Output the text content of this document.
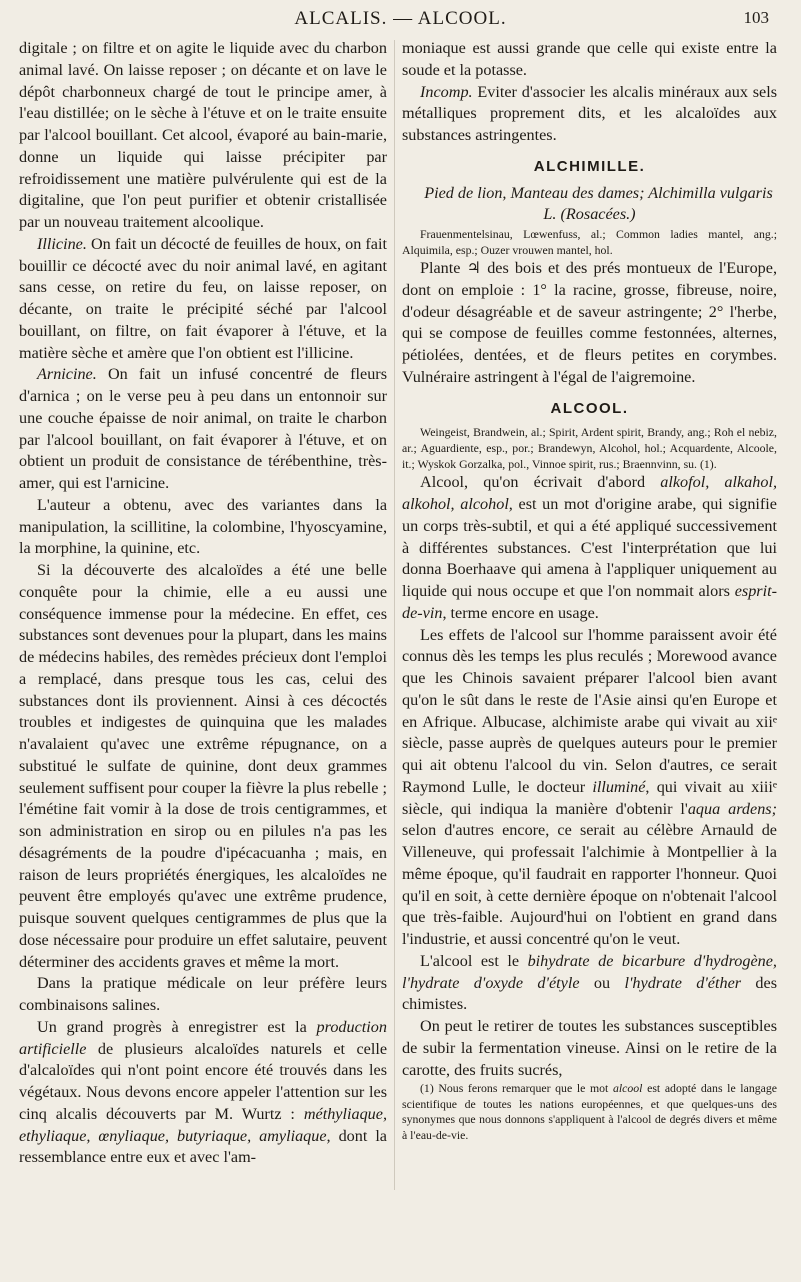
ALCALIS. — ALCOOL.	103

digitale ; on filtre et on agite le liquide avec du charbon animal lavé. On laisse reposer ; on décante et on lave le dépôt charbonneux chargé de tout le principe amer, à l'eau distillée; on le sèche à l'étuve et on le traite ensuite par l'alcool bouillant. Cet alcool, évaporé au bain-marie, donne un liquide qui laisse précipiter par refroidissement une matière pulvérulente qui est de la digitaline, que l'on peut purifier et obtenir cristallisée par un nouveau traitement alcoolique.

Illicine. On fait un décocté de feuilles de houx, on fait bouillir ce décocté avec du noir animal lavé, en agitant sans cesse, on retire du feu, on laisse reposer, on décante, on traite le précipité séché par l'alcool bouillant, on filtre, on fait évaporer à l'étuve, et la matière sèche et amère que l'on obtient est l'illicine.

Arnicine. On fait un infusé concentré de fleurs d'arnica ; on le verse peu à peu dans un entonnoir sur une couche épaisse de noir animal, on traite le charbon par l'alcool bouillant, on fait évaporer à l'étuve, et on obtient un produit de consistance de térébenthine, très-amer, qui est l'arnicine.

L'auteur a obtenu, avec des variantes dans la manipulation, la scillitine, la colombine, l'hyoscyamine, la morphine, la quinine, etc.

Si la découverte des alcaloïdes a été une belle conquête pour la chimie, elle a eu aussi une conséquence immense pour la médecine. En effet, ces substances sont devenues pour la plupart, dans les mains de médecins habiles, des remèdes précieux dont l'emploi a remplacé, dans presque tous les cas, celui des substances dont ils proviennent. Ainsi à ces décoctés troubles et indigestes de quinquina que les malades n'avalaient qu'avec une extrême répugnance, on a substitué le sulfate de quinine, dont deux grammes seulement suffisent pour couper la fièvre la plus rebelle ; l'émétine fait vomir à la dose de trois centigrammes, et son administration en sirop ou en pilules n'a pas les désagréments de la poudre d'ipécacuanha ; mais, en raison de leurs propriétés énergiques, les alcaloïdes ne peuvent être employés qu'avec une extrême prudence, puisque souvent quelques centigrammes de plus que la dose nécessaire pour produire un effet salutaire, peuvent déterminer des accidents graves et même la mort.

Dans la pratique médicale on leur préfère leurs combinaisons salines.

Un grand progrès à enregistrer est la production artificielle de plusieurs alcaloïdes naturels et celle d'alcaloïdes qui n'ont point encore été trouvés dans les végétaux. Nous devons encore appeler l'attention sur les cinq alcalis découverts par M. Wurtz : méthyliaque, ethyliaque, œnyliaque, butyriaque, amyliaque, dont la ressemblance entre eux et avec l'am-

moniaque est aussi grande que celle qui existe entre la soude et la potasse.

Incomp. Eviter d'associer les alcalis minéraux aux sels métalliques proprement dits, et les alcaloïdes aux substances astringentes.

ALCHIMILLE.

Pied de lion, Manteau des dames; Alchimilla vulgaris L. (Rosacées.)

Frauenmentelsinau, Lœwenfuss, al.; Common ladies mantel, ang.; Alquimila, esp.; Ouzer vrouwen mantel, hol.

Plante ♃ des bois et des prés montueux de l'Europe, dont on emploie : 1° la racine, grosse, fibreuse, noire, d'odeur désagréable et de saveur astringente; 2° l'herbe, qui se compose de feuilles comme festonnées, alternes, pétiolées, dentées, et de fleurs petites en corymbes. Vulnéraire astringent à l'égal de l'aigremoine.

ALCOOL.

Weingeist, Brandwein, al.; Spirit, Ardent spirit, Brandy, ang.; Roh el nebiz, ar.; Aguardiente, esp., por.; Brandewyn, Alcohol, hol.; Acquardente, Alcoole, it.; Wyskok Gorzalka, pol., Vinnoe spirit, rus.; Braennvinn, su. (1).

Alcool, qu'on écrivait d'abord alkofol, alkahol, alkohol, alcohol, est un mot d'origine arabe, qui signifie un corps très-subtil, et qui a été appliqué successivement à différentes substances. C'est l'interprétation que lui donna Boerhaave qui amena à l'appliquer uniquement au liquide qui nous occupe et que l'on nommait alors esprit-de-vin, terme encore en usage.

Les effets de l'alcool sur l'homme paraissent avoir été connus dès les temps les plus reculés ; Morewood avance que les Chinois savaient préparer l'alcool bien avant qu'on le sût dans le reste de l'Asie ainsi qu'en Europe et en Afrique. Albucase, alchimiste arabe qui vivait au xiiᵉ siècle, passe auprès de quelques auteurs pour le premier qui ait obtenu l'alcool du vin. Selon d'autres, ce serait Raymond Lulle, le docteur illuminé, qui vivait au xiiiᵉ siècle, qui indiqua la manière d'obtenir l'aqua ardens; selon d'autres encore, ce serait au célèbre Arnauld de Villeneuve, qui professait l'alchimie à Montpellier à la même époque, qu'il faudrait en rapporter l'honneur. Quoi qu'il en soit, à cette dernière époque on n'obtenait l'alcool que très-faible. Aujourd'hui on l'obtient en grand dans l'industrie, et aussi concentré qu'on le veut.

L'alcool est le bihydrate de bicarbure d'hydrogène, l'hydrate d'oxyde d'étyle ou l'hydrate d'éther des chimistes.

On peut le retirer de toutes les substances susceptibles de subir la fermentation vineuse. Ainsi on le retire de la carotte, des fruits sucrés,

(1) Nous ferons remarquer que le mot alcool est adopté dans le langage scientifique de toutes les nations européennes, et que quelques-uns des synonymes que nous donnons s'appliquent à l'alcool de degrés divers et même à l'eau-de-vie.
